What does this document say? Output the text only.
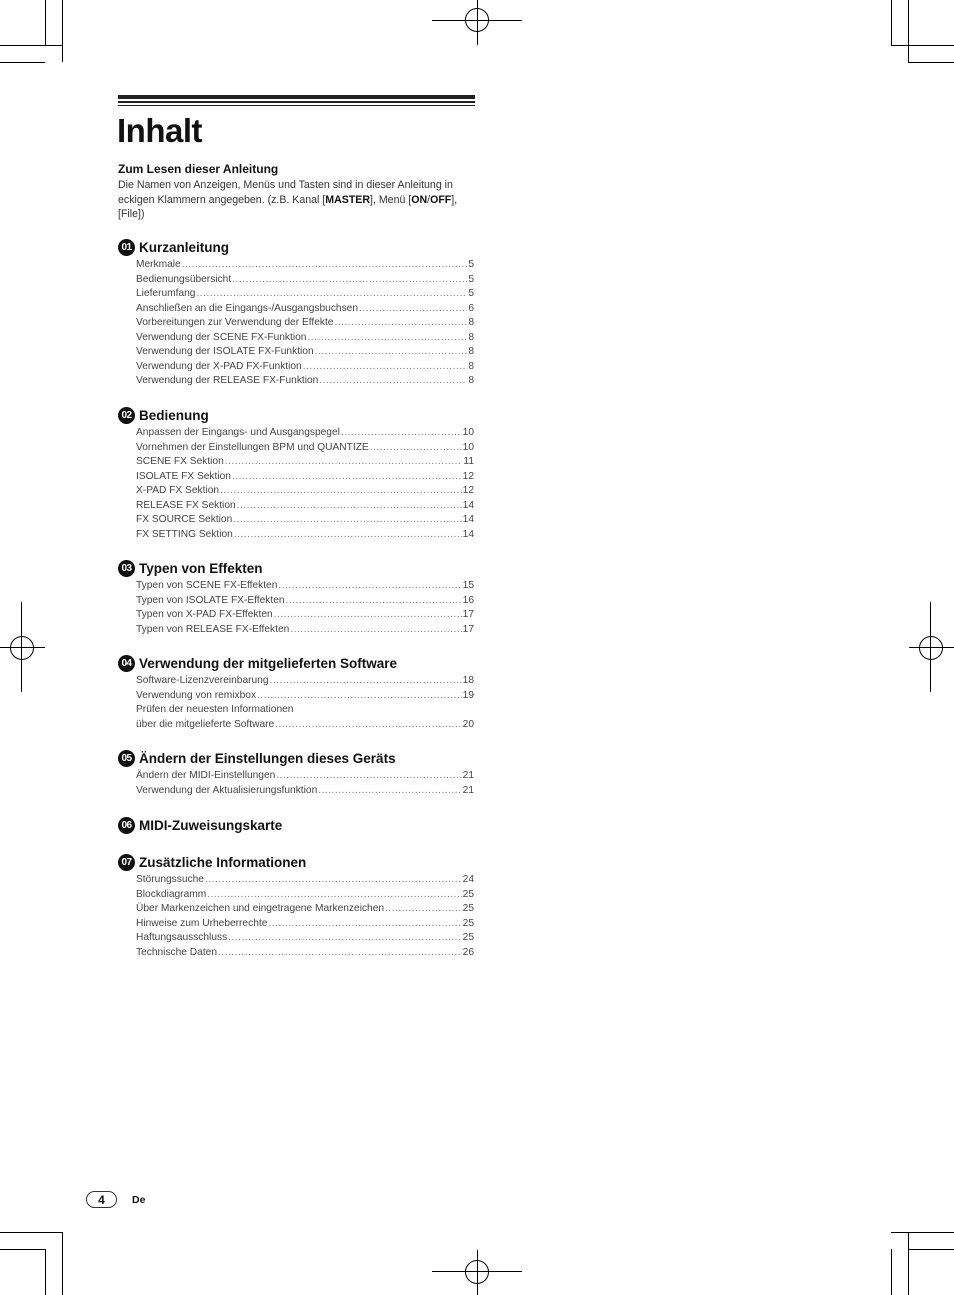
Inhalt
Zum Lesen dieser Anleitung
Die Namen von Anzeigen, Menüs und Tasten sind in dieser Anleitung in eckigen Klammern angegeben. (z.B. Kanal [MASTER], Menü [ON/OFF], [File])
01 Kurzanleitung
Merkmale .....	5
Bedienungsübersicht .....	5
Lieferumfang .....	5
Anschließen an die Eingangs-/Ausgangsbuchsen .....	6
Vorbereitungen zur Verwendung der Effekte .....	8
Verwendung der SCENE FX-Funktion .....	8
Verwendung der ISOLATE FX-Funktion .....	8
Verwendung der X-PAD FX-Funktion .....	8
Verwendung der RELEASE FX-Funktion .....	8
02 Bedienung
Anpassen der Eingangs- und Ausgangspegel .....	10
Vornehmen der Einstellungen BPM und QUANTIZE .....	10
SCENE FX Sektion .....	11
ISOLATE FX Sektion .....	12
X-PAD FX Sektion .....	12
RELEASE FX Sektion .....	14
FX SOURCE Sektion .....	14
FX SETTING Sektion .....	14
03 Typen von Effekten
Typen von SCENE FX-Effekten .....	15
Typen von ISOLATE FX-Effekten .....	16
Typen von X-PAD FX-Effekten .....	17
Typen von RELEASE FX-Effekten .....	17
04 Verwendung der mitgelieferten Software
Software-Lizenzvereinbarung .....	18
Verwendung von remixbox .....	19
Prüfen der neuesten Informationen
über die mitgelieferte Software .....	20
05 Ändern der Einstellungen dieses Geräts
Ändern der MIDI-Einstellungen .....	21
Verwendung der Aktualisierungsfunktion .....	21
06 MIDI-Zuweisungskarte
07 Zusätzliche Informationen
Störungssuche .....	24
Blockdiagramm .....	25
Über Markenzeichen und eingetragene Markenzeichen .....	25
Hinweise zum Urheberrechte .....	25
Haftungsausschluss .....	25
Technische Daten .....	26
4	De
